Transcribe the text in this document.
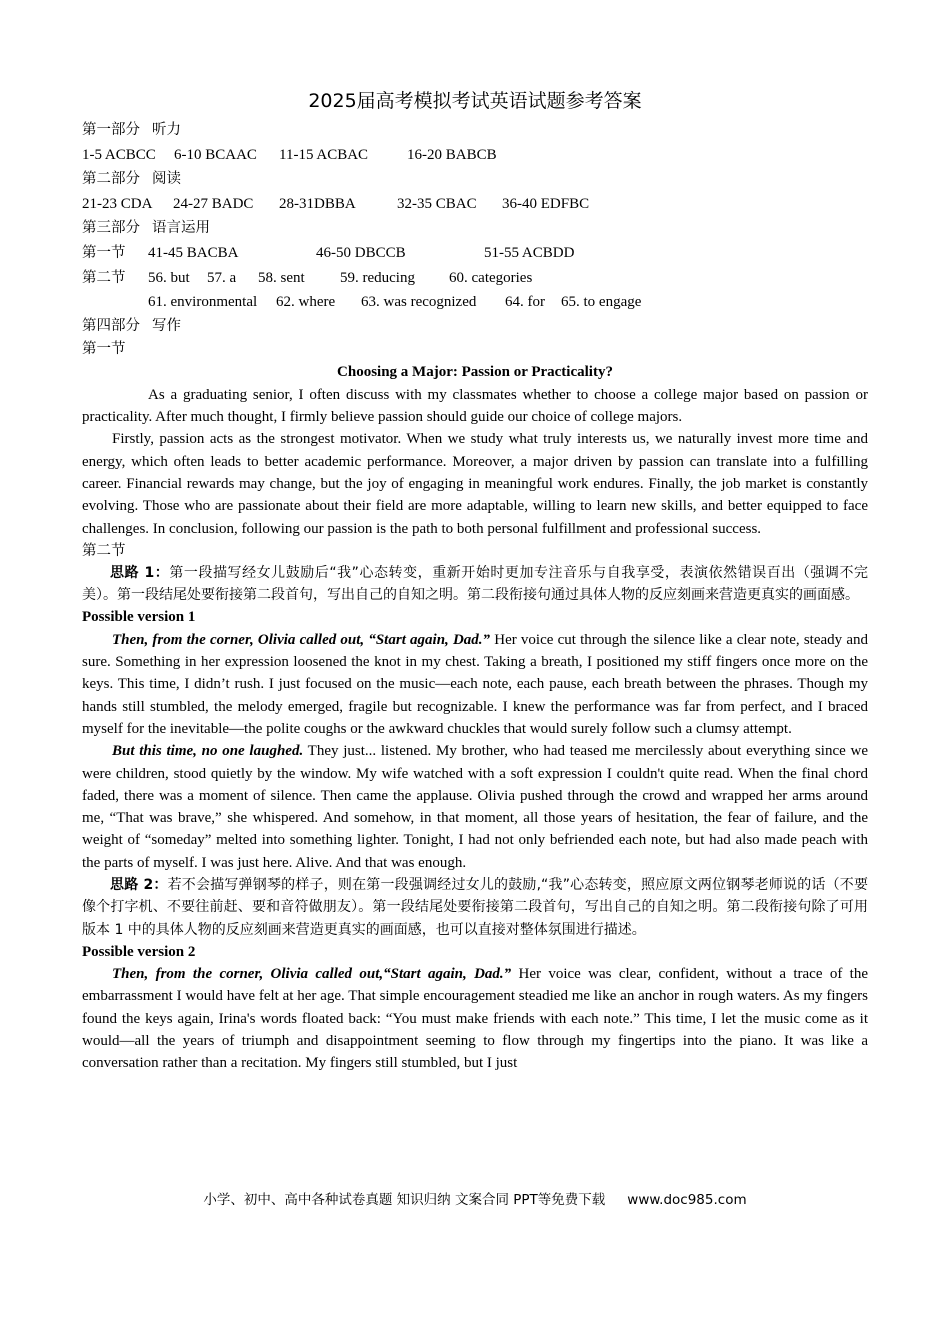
2025届高考模拟考试英语试题参考答案
第一部分 听力
1-5 ACBCC 6-10 BCAAC 11-15 ACBAC	16-20 BABCB
第二部分 阅读
21-23 CDA 24-27 BADC 28-31DBBA	32-35 CBAC 36-40 EDFBC
第三部分 语言运用
第一节 41-45 BACBA	46-50 DBCCB	51-55 ACBDD
第二节 56. but 57. a 58. sent 59. reducing 60. categories
61. environmental 62. where 63. was recognized 64. for 65. to engage
第四部分 写作
第一节
Choosing a Major: Passion or Practicality?

As a graduating senior, I often discuss with my classmates whether to choose a college major based on passion or practicality. After much thought, I firmly believe passion should guide our choice of college majors.

Firstly, passion acts as the strongest motivator. When we study what truly interests us, we naturally invest more time and energy, which often leads to better academic performance. Moreover, a major driven by passion can translate into a fulfilling career. Financial rewards may change, but the joy of engaging in meaningful work endures. Finally, the job market is constantly evolving. Those who are passionate about their field are more adaptable, willing to learn new skills, and better equipped to face challenges. In conclusion, following our passion is the path to both personal fulfillment and professional success.

第二节

思路 1：第一段描写经女儿鼓励后“我”心态转变，重新开始时更加专注音乐与自我享受，表演依然错误百出（强调不完美）。第一段结尾处要衔接第二段首句，写出自己的自知之明。第二段衔接句通过具体人物的反应刻画来营造更真实的画面感。

Possible version 1

Then, from the corner, Olivia called out, “Start again, Dad.” Her voice cut through the silence like a clear note, steady and sure. Something in her expression loosened the knot in my chest. Taking a breath, I positioned my stiff fingers once more on the keys. This time, I didn’t rush. I just focused on the music—each note, each pause, each breath between the phrases. Though my hands still stumbled, the melody emerged, fragile but recognizable. I knew the performance was far from perfect, and I braced myself for the inevitable—the polite coughs or the awkward chuckles that would surely follow such a clumsy attempt.

But this time, no one laughed. They just... listened. My brother, who had teased me mercilessly about everything since we were children, stood quietly by the window. My wife watched with a soft expression I couldn't quite read. When the final chord faded, there was a moment of silence. Then came the applause. Olivia pushed through the crowd and wrapped her arms around me, “That was brave,” she whispered. And somehow, in that moment, all those years of hesitation, the fear of failure, and the weight of “someday” melted into something lighter. Tonight, I had not only befriended each note, but had also made peach with the parts of myself. I was just here. Alive. And that was enough.

思路 2：若不会描写弹钢琴的样子，则在第一段强调经过女儿的鼓励,“我”心态转变，照应原文两位钢琴老师说的话（不要像个打字机、不要往前赶、要和音符做朋友）。第一段结尾处要衔接第二段首句，写出自己的自知之明。第二段衔接句除了可用版本 1 中的具体人物的反应刻画来营造更真实的画面感，也可以直接对整体氛围进行描述。

Possible version 2

Then, from the corner, Olivia called out,“Start again, Dad.” Her voice was clear, confident, without a trace of the embarrassment I would have felt at her age. That simple encouragement steadied me like an anchor in rough waters. As my fingers found the keys again, Irina's words floated back: “You must make friends with each note.” This time, I let the music come as it would—all the years of triumph and disappointment seeming to flow through my fingertips into the piano. It was like a conversation rather than a recitation. My fingers still stumbled, but I just

小学、初中、高中各种试卷真题 知识归纳 文案合同 PPT等免费下载 www.doc985.com
